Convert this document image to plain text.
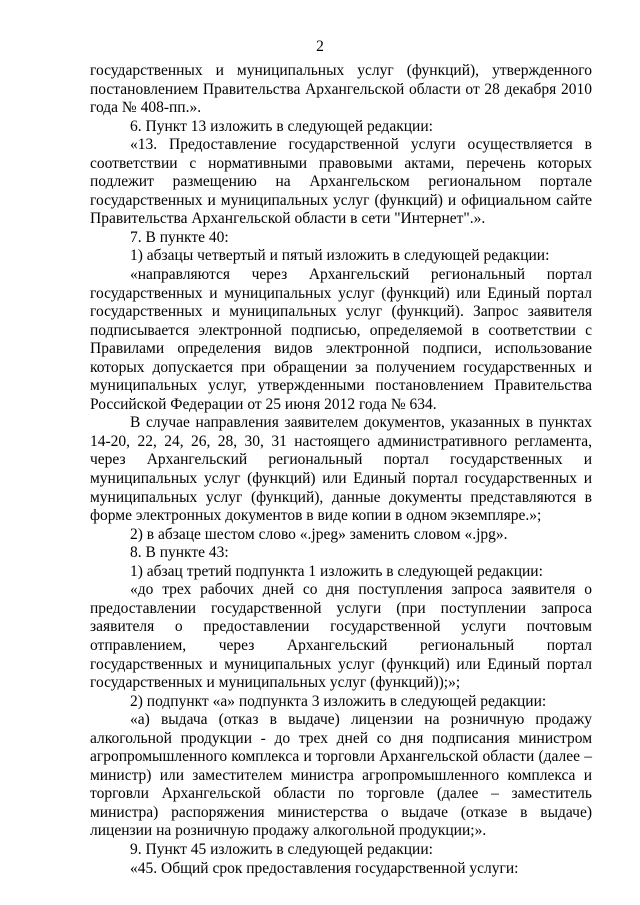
2

государственных и муниципальных услуг (функций), утвержденного постановлением Правительства Архангельской области от 28 декабря 2010 года № 408-пп.».

6. Пункт 13 изложить в следующей редакции:

«13. Предоставление государственной услуги осуществляется в соответствии с нормативными правовыми актами, перечень которых подлежит размещению на Архангельском региональном портале государственных и муниципальных услуг (функций) и официальном сайте Правительства Архангельской области в сети "Интернет".».

7. В пункте 40:

1) абзацы четвертый и пятый изложить в следующей редакции:

«направляются через Архангельский региональный портал государственных и муниципальных услуг (функций) или Единый портал государственных и муниципальных услуг (функций). Запрос заявителя подписывается электронной подписью, определяемой в соответствии с Правилами определения видов электронной подписи, использование которых допускается при обращении за получением государственных и муниципальных услуг, утвержденными постановлением Правительства Российской Федерации от 25 июня 2012 года № 634.

В случае направления заявителем документов, указанных в пунктах 14-20, 22, 24, 26, 28, 30, 31 настоящего административного регламента, через Архангельский региональный портал государственных и муниципальных услуг (функций) или Единый портал государственных и муниципальных услуг (функций), данные документы представляются в форме электронных документов в виде копии в одном экземпляре.»;

2) в абзаце шестом слово «.jpeg» заменить словом «.jpg».

8. В пункте 43:

1) абзац третий подпункта 1 изложить в следующей редакции:

«до трех рабочих дней со дня поступления запроса заявителя о предоставлении государственной услуги (при поступлении запроса заявителя о предоставлении государственной услуги почтовым отправлением, через Архангельский региональный портал государственных и муниципальных услуг (функций) или Единый портал государственных и муниципальных услуг (функций));»;

2) подпункт «а» подпункта 3 изложить в следующей редакции:

«а) выдача (отказ в выдаче) лицензии на розничную продажу алкогольной продукции - до трех дней со дня подписания министром агропромышленного комплекса и торговли Архангельской области (далее – министр) или заместителем министра агропромышленного комплекса и торговли Архангельской области по торговле (далее – заместитель министра) распоряжения министерства о выдаче (отказе в выдаче) лицензии на розничную продажу алкогольной продукции;».

9. Пункт 45 изложить в следующей редакции:

«45. Общий срок предоставления государственной услуги:
